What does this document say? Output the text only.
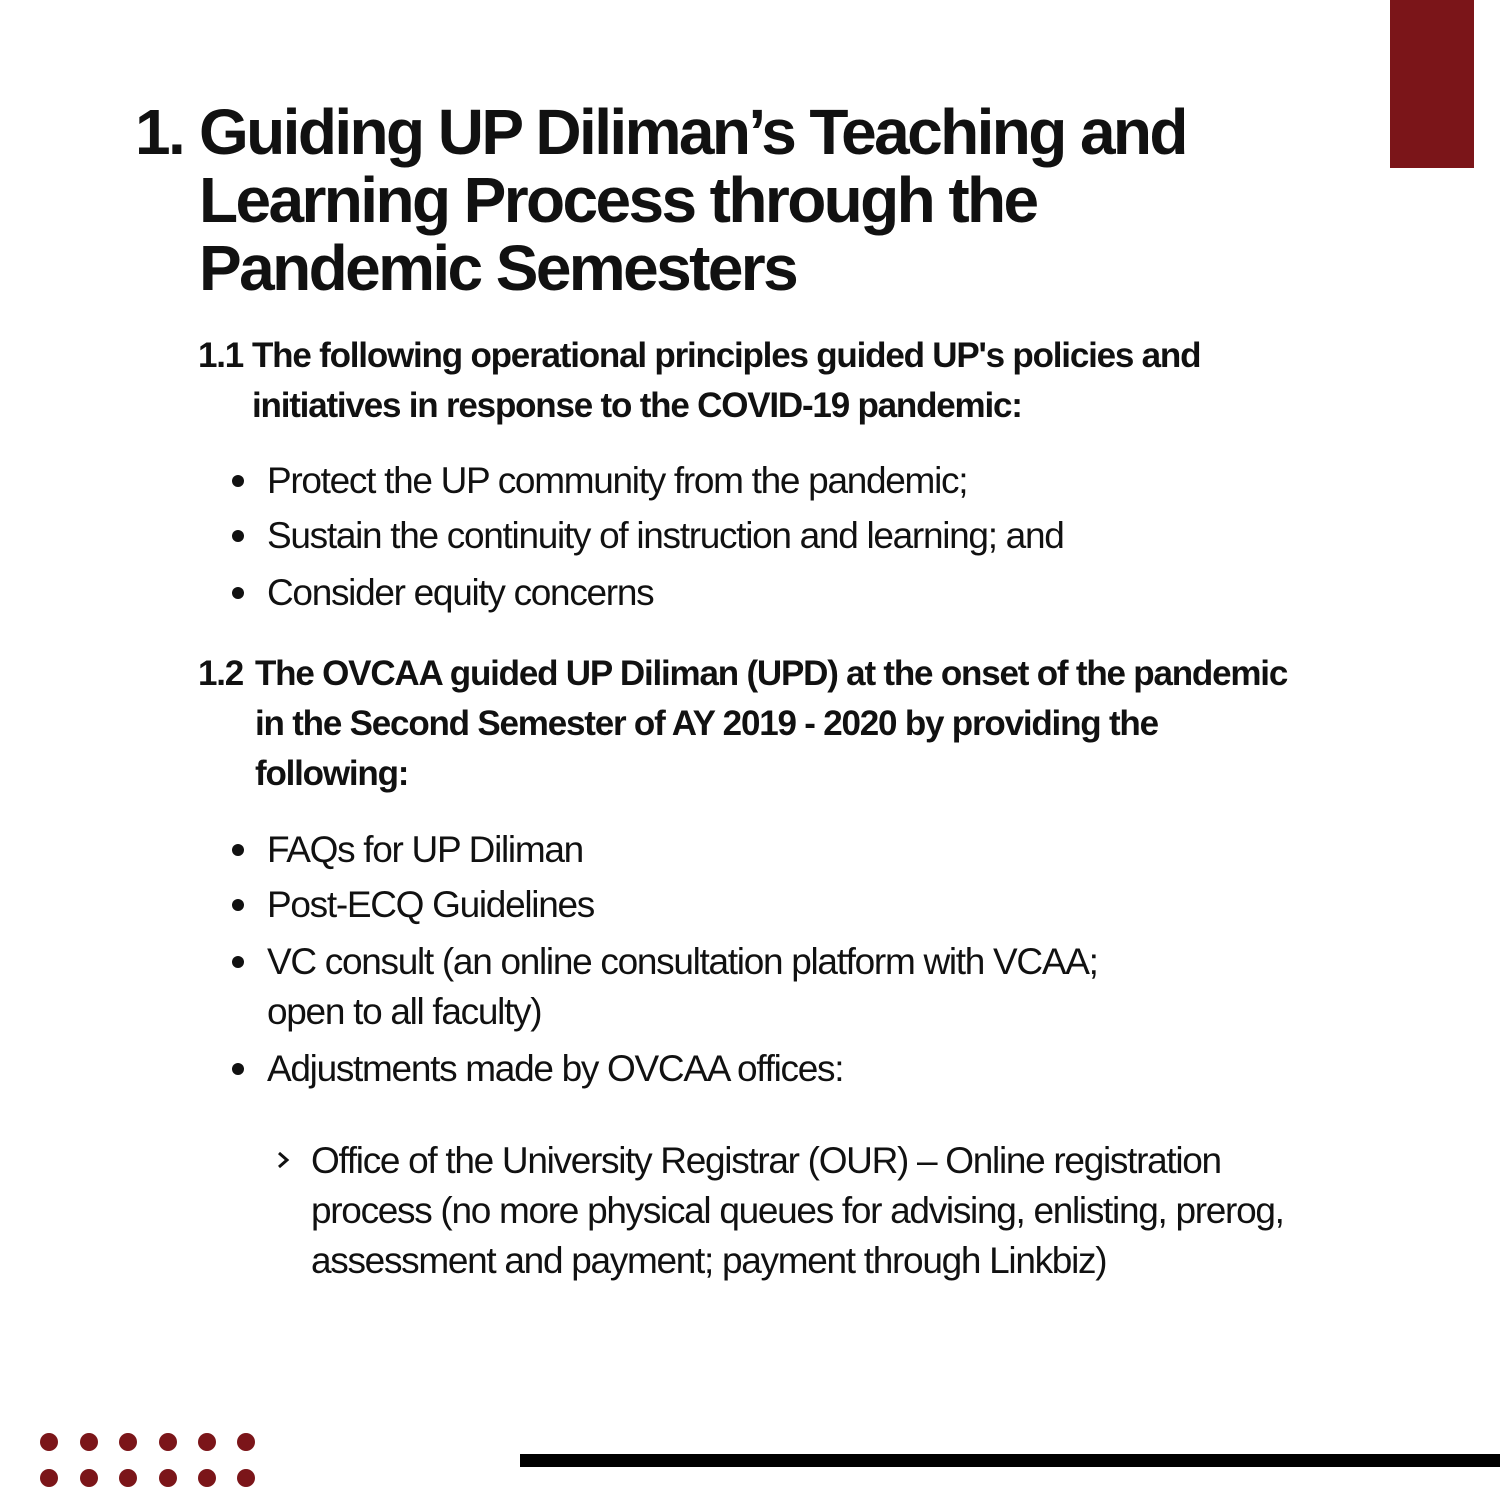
1. Guiding UP Diliman’s Teaching and
Learning Process through the
Pandemic Semesters
1.1 The following operational principles guided UP's policies and
initiatives in response to the COVID-19 pandemic:
Protect the UP community from the pandemic;
Sustain the continuity of instruction and learning; and
Consider equity concerns
1.2 The OVCAA guided UP Diliman (UPD) at the onset of the pandemic
in the Second Semester of AY 2019 - 2020 by providing the
following:
FAQs for UP Diliman
Post-ECQ Guidelines
VC consult (an online consultation platform with VCAA;
open to all faculty)
Adjustments made by OVCAA offices:
Office of the University Registrar (OUR) – Online registration
process (no more physical queues for advising, enlisting, prerog,
assessment and payment; payment through Linkbiz)
